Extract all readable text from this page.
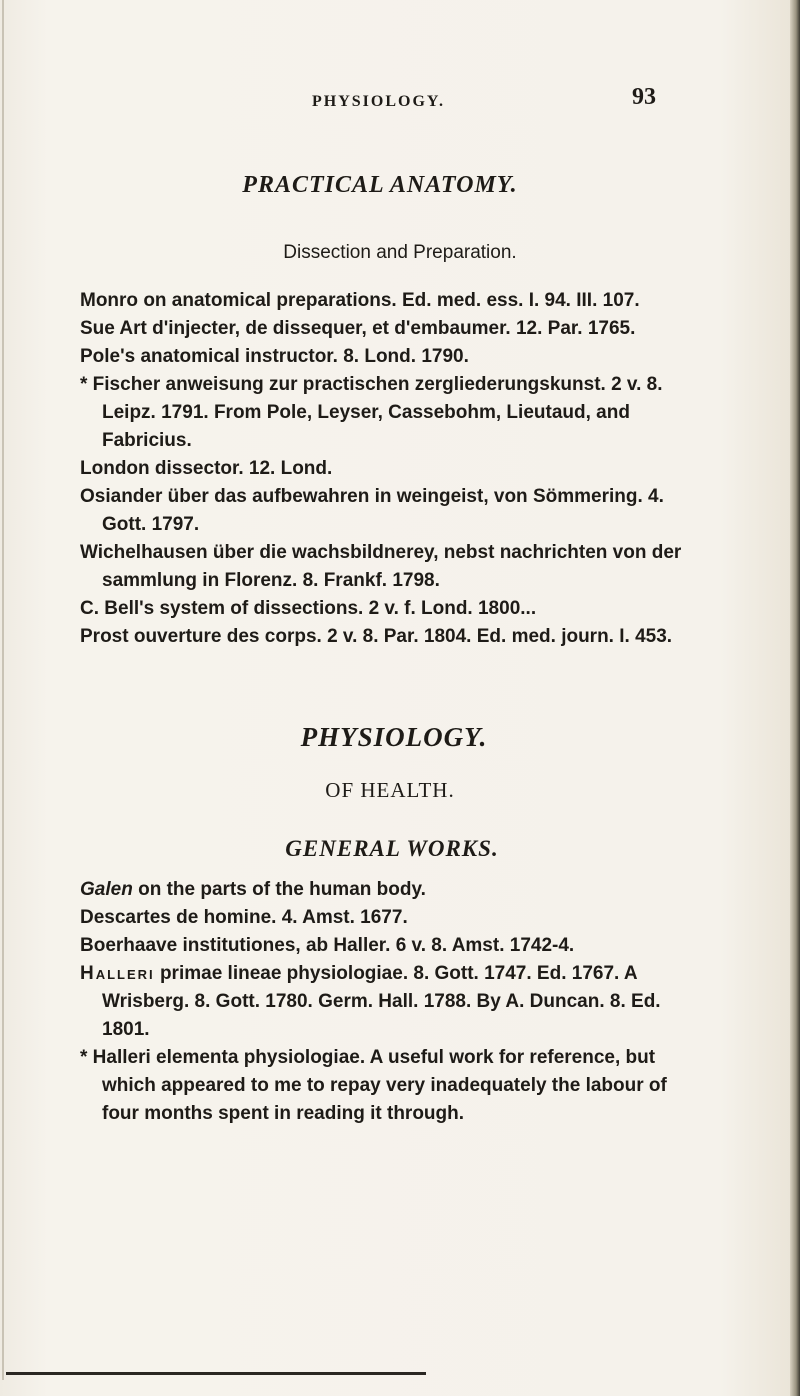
PHYSIOLOGY.	93
PRACTICAL ANATOMY.
Dissection and Preparation.
Monro on anatomical preparations. Ed. med. ess. I. 94. III. 107.
Sue Art d'injecter, de dissequer, et d'embaumer. 12. Par. 1765.
Pole's anatomical instructor. 8. Lond. 1790.
* Fischer anweisung zur practischen zergliederungskunst. 2 v. 8. Leipz. 1791. From Pole, Leyser, Cassebohm, Lieutaud, and Fabricius.
London dissector. 12. Lond.
Osiander über das aufbewahren in weingeist, von Sömmering. 4. Gott. 1797.
Wichelhausen über die wachsbildnerey, nebst nachrichten von der sammlung in Florenz. 8. Frankf. 1798.
C. Bell's system of dissections. 2 v. f. Lond. 1800...
Prost ouverture des corps. 2 v. 8. Par. 1804. Ed. med. journ. I. 453.
PHYSIOLOGY.
OF HEALTH.
GENERAL WORKS.
Galen on the parts of the human body.
Descartes de homine. 4. Amst. 1677.
Boerhaave institutiones, ab Haller. 6 v. 8. Amst. 1742-4.
Halleri primae lineae physiologiae. 8. Gott. 1747. Ed. 1767. A Wrisberg. 8. Gott. 1780. Germ. Hall. 1788. By A. Duncan. 8. Ed. 1801.
* Halleri elementa physiologiae. A useful work for reference, but which appeared to me to repay very inadequately the labour of four months spent in reading it through.
